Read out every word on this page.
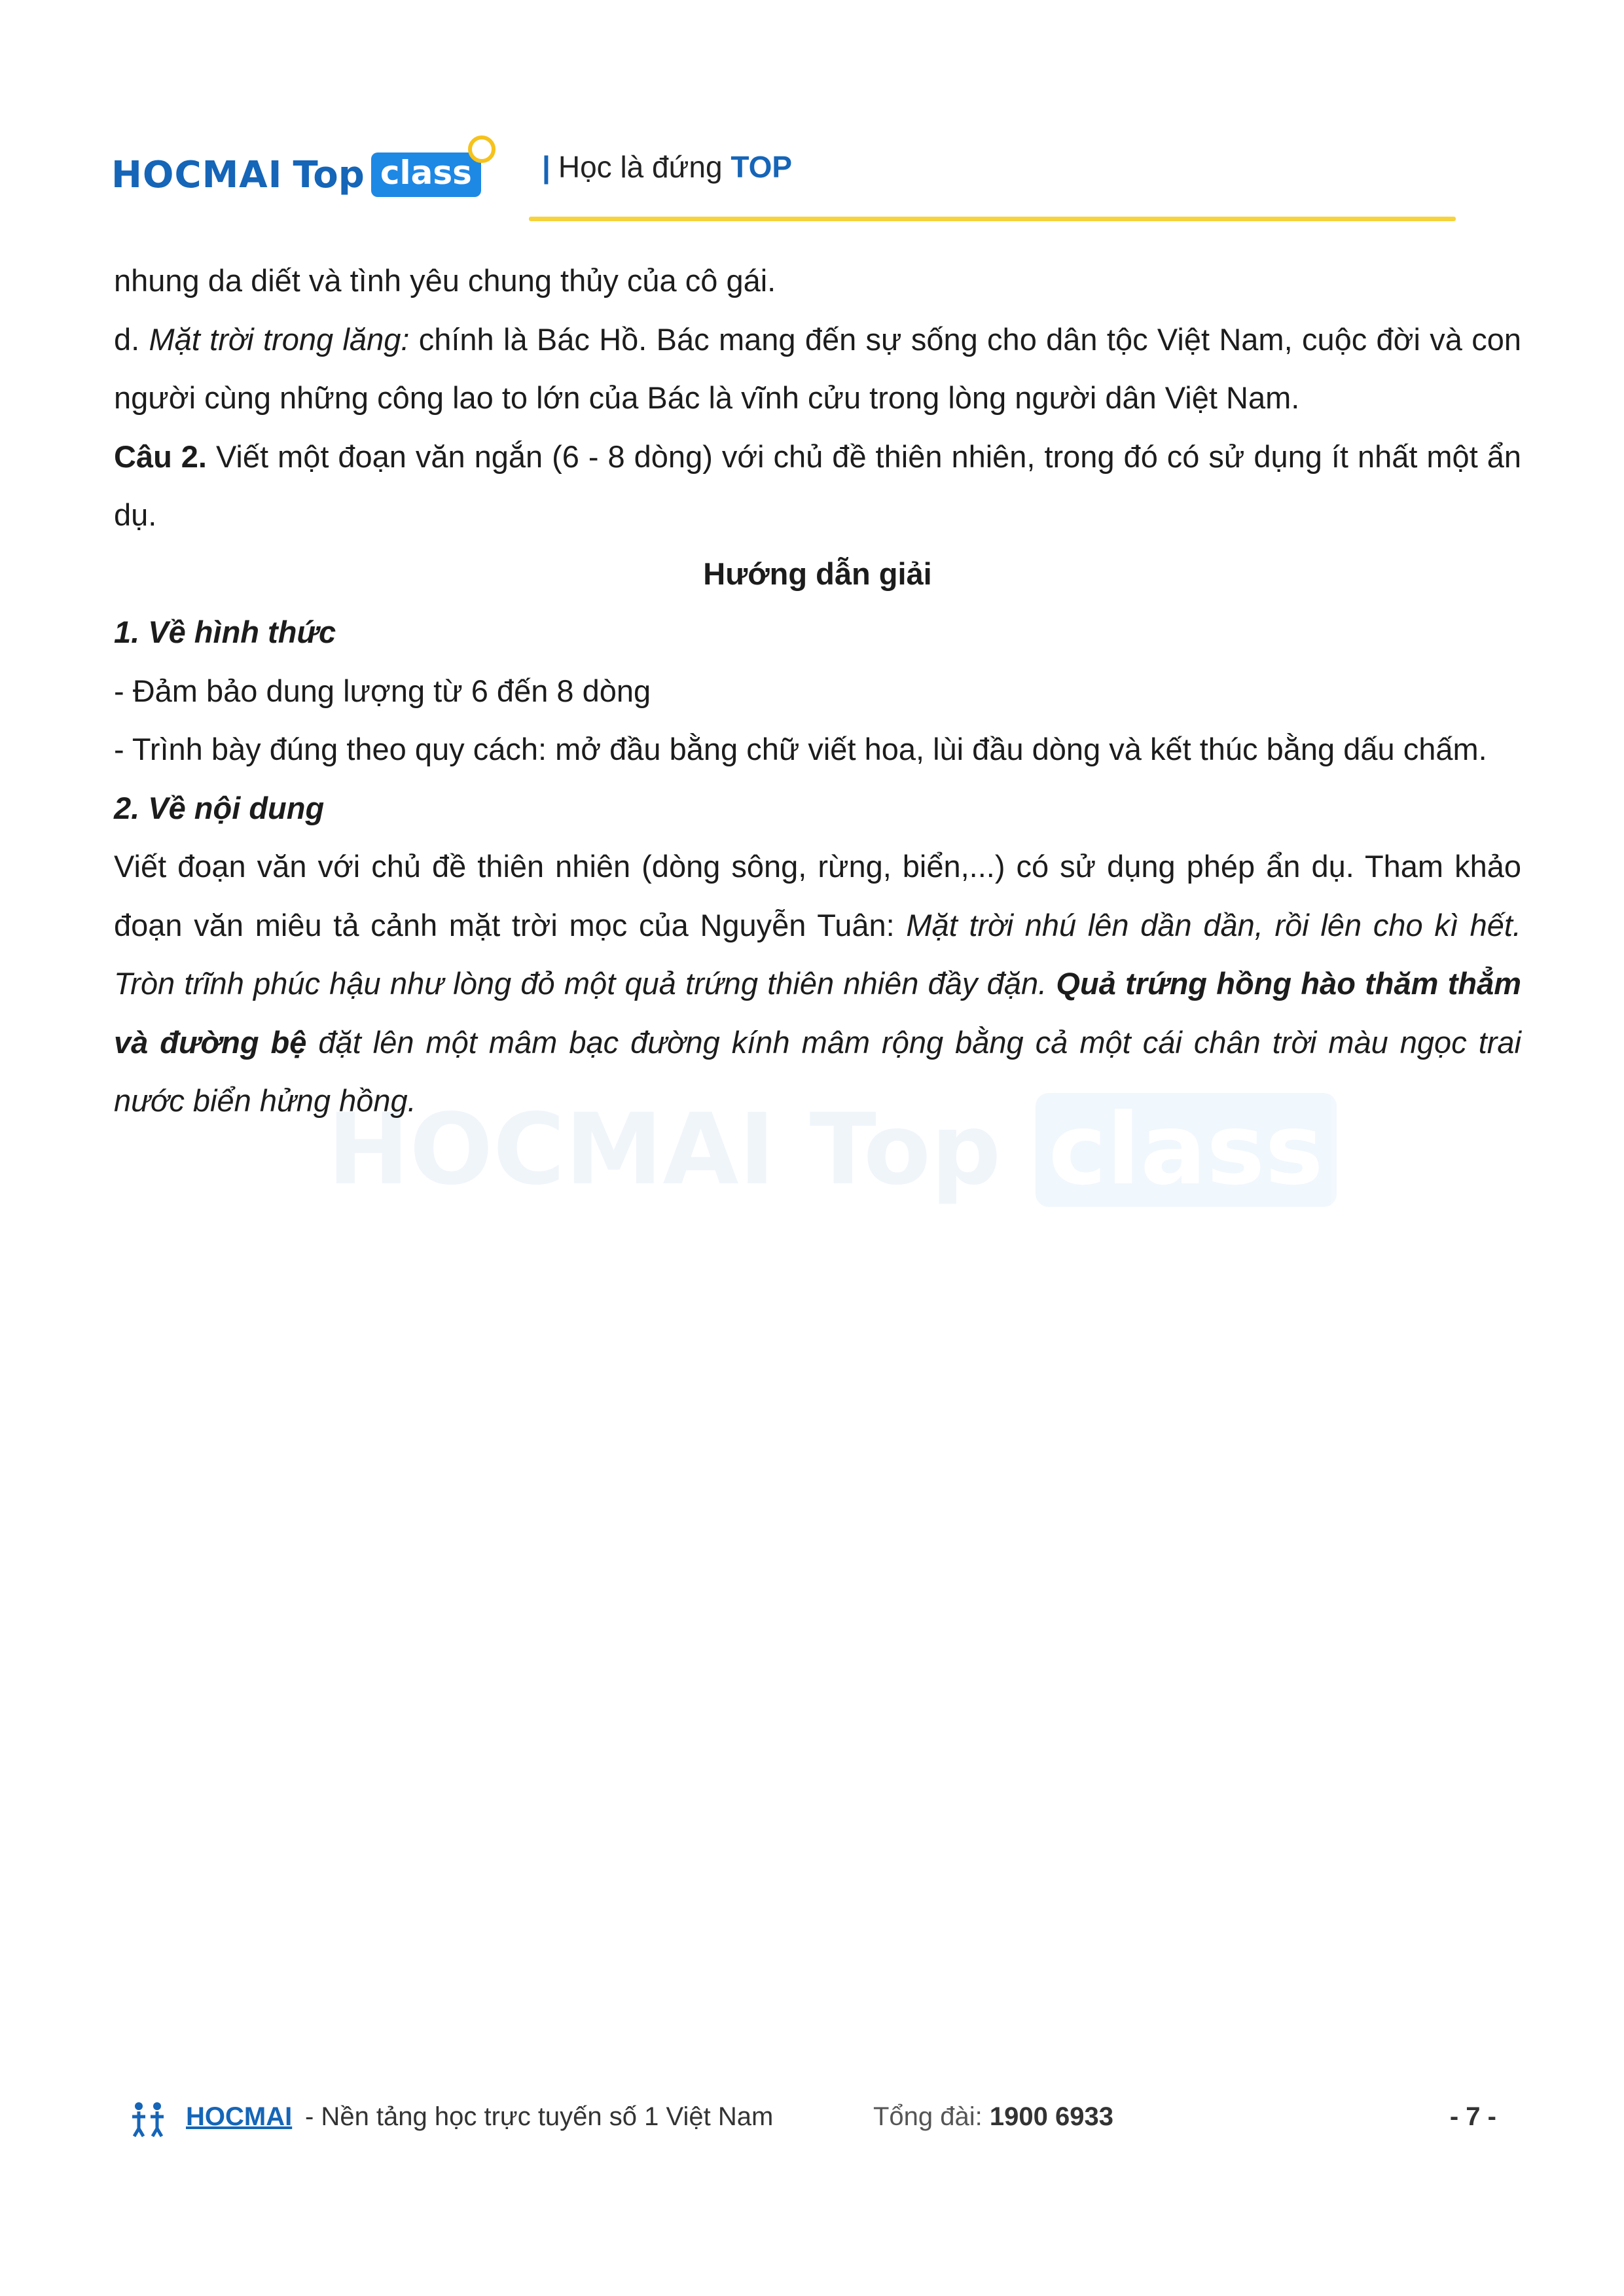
HOCMAI Top class	| Học là đứng TOP
HOCMAI Top class

nhung da diết và tình yêu chung thủy của cô gái.

d. Mặt trời trong lăng: chính là Bác Hồ. Bác mang đến sự sống cho dân tộc Việt Nam, cuộc đời và con người cùng những công lao to lớn của Bác là vĩnh cửu trong lòng người dân Việt Nam.

Câu 2. Viết một đoạn văn ngắn (6 - 8 dòng) với chủ đề thiên nhiên, trong đó có sử dụng ít nhất một ẩn dụ.

Hướng dẫn giải

1. Về hình thức

- Đảm bảo dung lượng từ 6 đến 8 dòng

- Trình bày đúng theo quy cách: mở đầu bằng chữ viết hoa, lùi đầu dòng và kết thúc bằng dấu chấm.

2. Về nội dung

Viết đoạn văn với chủ đề thiên nhiên (dòng sông, rừng, biển,...) có sử dụng phép ẩn dụ. Tham khảo đoạn văn miêu tả cảnh mặt trời mọc của Nguyễn Tuân: Mặt trời nhú lên dần dần, rồi lên cho kì hết. Tròn trĩnh phúc hậu như lòng đỏ một quả trứng thiên nhiên đầy đặn. Quả trứng hồng hào thăm thẳm và đường bệ đặt lên một mâm bạc đường kính mâm rộng bằng cả một cái chân trời màu ngọc trai nước biển hửng hồng.

HOCMAI - Nền tảng học trực tuyến số 1 Việt Nam	Tổng đài: 1900 6933	- 7 -
